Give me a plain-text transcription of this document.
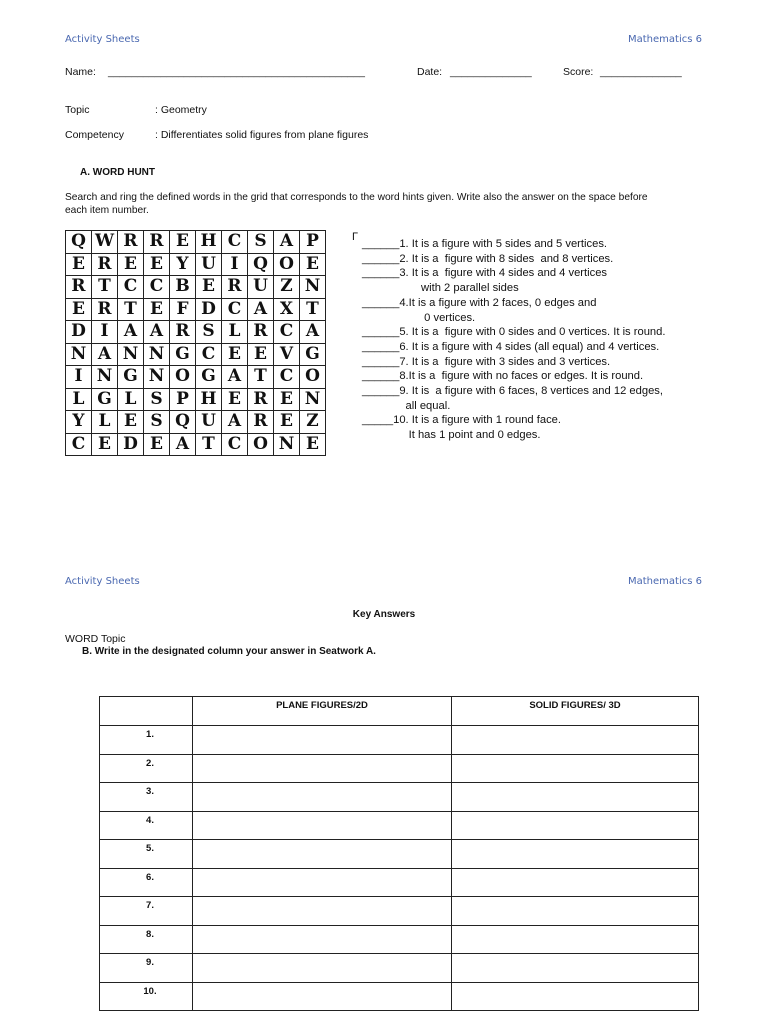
Activity Sheets	Mathematics 6
Name: ____________________________________________	Date: ______________	Score: ______________
Topic	: Geometry
Competency	: Differentiates solid figures from plane figures
A. WORD HUNT
Search and ring the defined words in the grid that corresponds to the word hints given. Write also the answer on the space before
each item number.
Q	W	R	R	E	H	C	S	A	P
E	R	E	E	Y	U	I	Q	O	E
R	T	C	C	B	E	R	U	Z	N
E	R	T	E	F	D	C	A	X	T
D	I	A	A	R	S	L	R	C	A
N	A	N	N	G	C	E	E	V	G
I	N	G	N	O	G	A	T	C	O
L	G	L	S	P	H	E	R	E	N
Y	L	E	S	Q	U	A	R	E	Z
C	E	D	E	A	T	C	O	N	E
Γ
______1. It is a figure with 5 sides and 5 vertices.
______2. It is a  figure with 8 sides  and 8 vertices.
______3. It is a  figure with 4 sides and 4 vertices
with 2 parallel sides
______4.It is a figure with 2 faces, 0 edges and
0 vertices.
______5. It is a  figure with 0 sides and 0 vertices. It is round.
______6. It is a figure with 4 sides (all equal) and 4 vertices.
______7. It is a  figure with 3 sides and 3 vertices.
______8.It is a  figure with no faces or edges. It is round.
______9. It is  a figure with 6 faces, 8 vertices and 12 edges,
all equal.
_____10. It is a figure with 1 round face.
It has 1 point and 0 edges.
Activity Sheets	Mathematics 6
Key Answers
WORD Topic
B. Write in the designated column your answer in Seatwork A.
	PLANE FIGURES/2D	SOLID FIGURES/ 3D
1.		
2.		
3.		
4.		
5.		
6.		
7.		
8.		
9.		
10.		
